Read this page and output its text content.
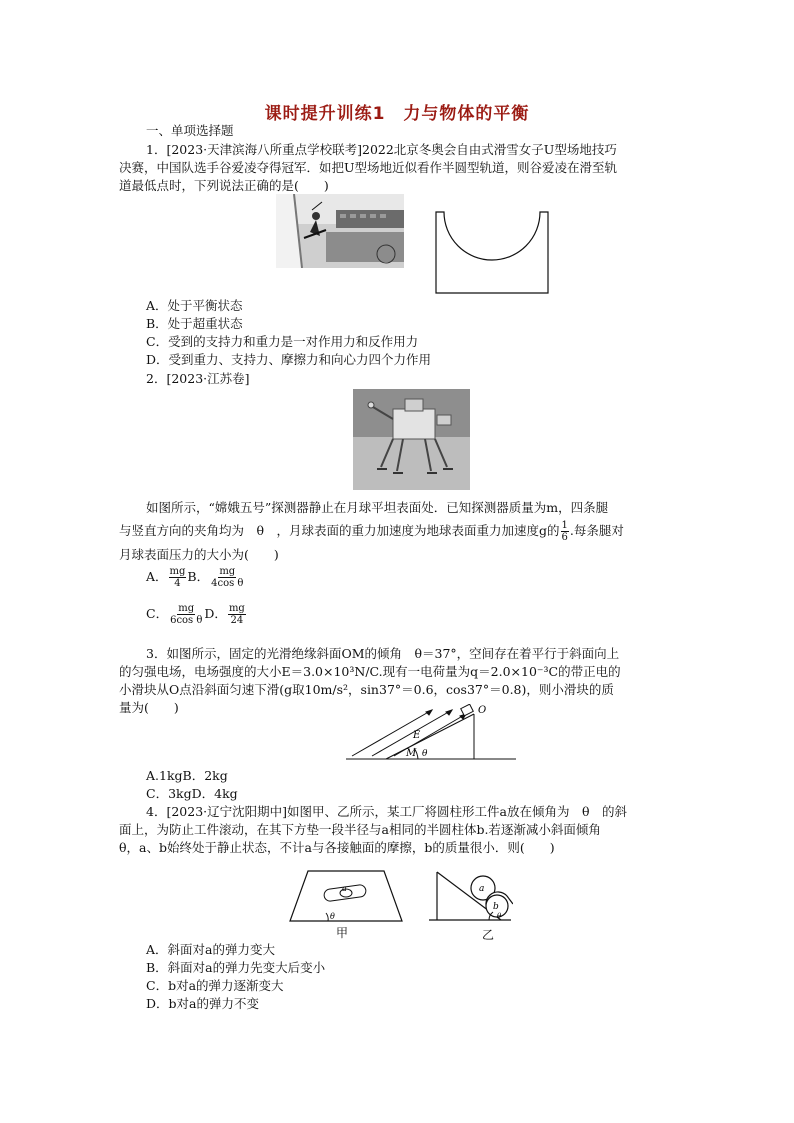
课时提升训练1　力与物体的平衡
一、单项选择题
1．[2023·天津滨海八所重点学校联考]2022北京冬奥会自由式滑雪女子U型场地技巧
决赛，中国队选手谷爱凌夺得冠军．如把U型场地近似看作半圆型轨道，则谷爱凌在滑至轨
道最低点时，下列说法正确的是(　　)
A．处于平衡状态
B．处于超重状态
C．受到的支持力和重力是一对作用力和反作用力
D．受到重力、支持力、摩擦力和向心力四个力作用
2．[2023·江苏卷]
如图所示，“嫦娥五号”探测器静止在月球平坦表面处．已知探测器质量为m，四条腿
与竖直方向的夹角均为　θ　，月球表面的重力加速度为地球表面重力加速度g的 $\frac{1}{6}$ .每条腿对
月球表面压力的大小为(　　)
A． $\frac{mg}{4}$ B． $\frac{mg}{\text{4cos θ}}$
C． $\frac{mg}{\text{6cos θ}}$ D． $\frac{mg}{24}$
3．如图所示，固定的光滑绝缘斜面OM的倾角　θ＝37°，空间存在着平行于斜面向上
的匀强电场，电场强度的大小E＝3.0×10³N/C.现有一电荷量为q＝2.0×10⁻³C的带正电的
小滑块从O点沿斜面匀速下滑(g取10m/s²，sin37°＝0.6，cos37°＝0.8)，则小滑块的质
量为(　　)	O
E
M θ
A.1kgB．2kg
C．3kgD．4kg
4．[2023·辽宁沈阳期中]如图甲、乙所示，某工厂将圆柱形工件a放在倾角为　θ　的斜
面上，为防止工件滚动，在其下方垫一段半径与a相同的半圆柱体b.若逐渐减小斜面倾角
θ，a、b始终处于静止状态，不计a与各接触面的摩擦，b的质量很小．则(　　)
a
θ
甲
a
b
θ
乙
A．斜面对a的弹力变大
B．斜面对a的弹力先变大后变小
C．b对a的弹力逐渐变大
D．b对a的弹力不变
